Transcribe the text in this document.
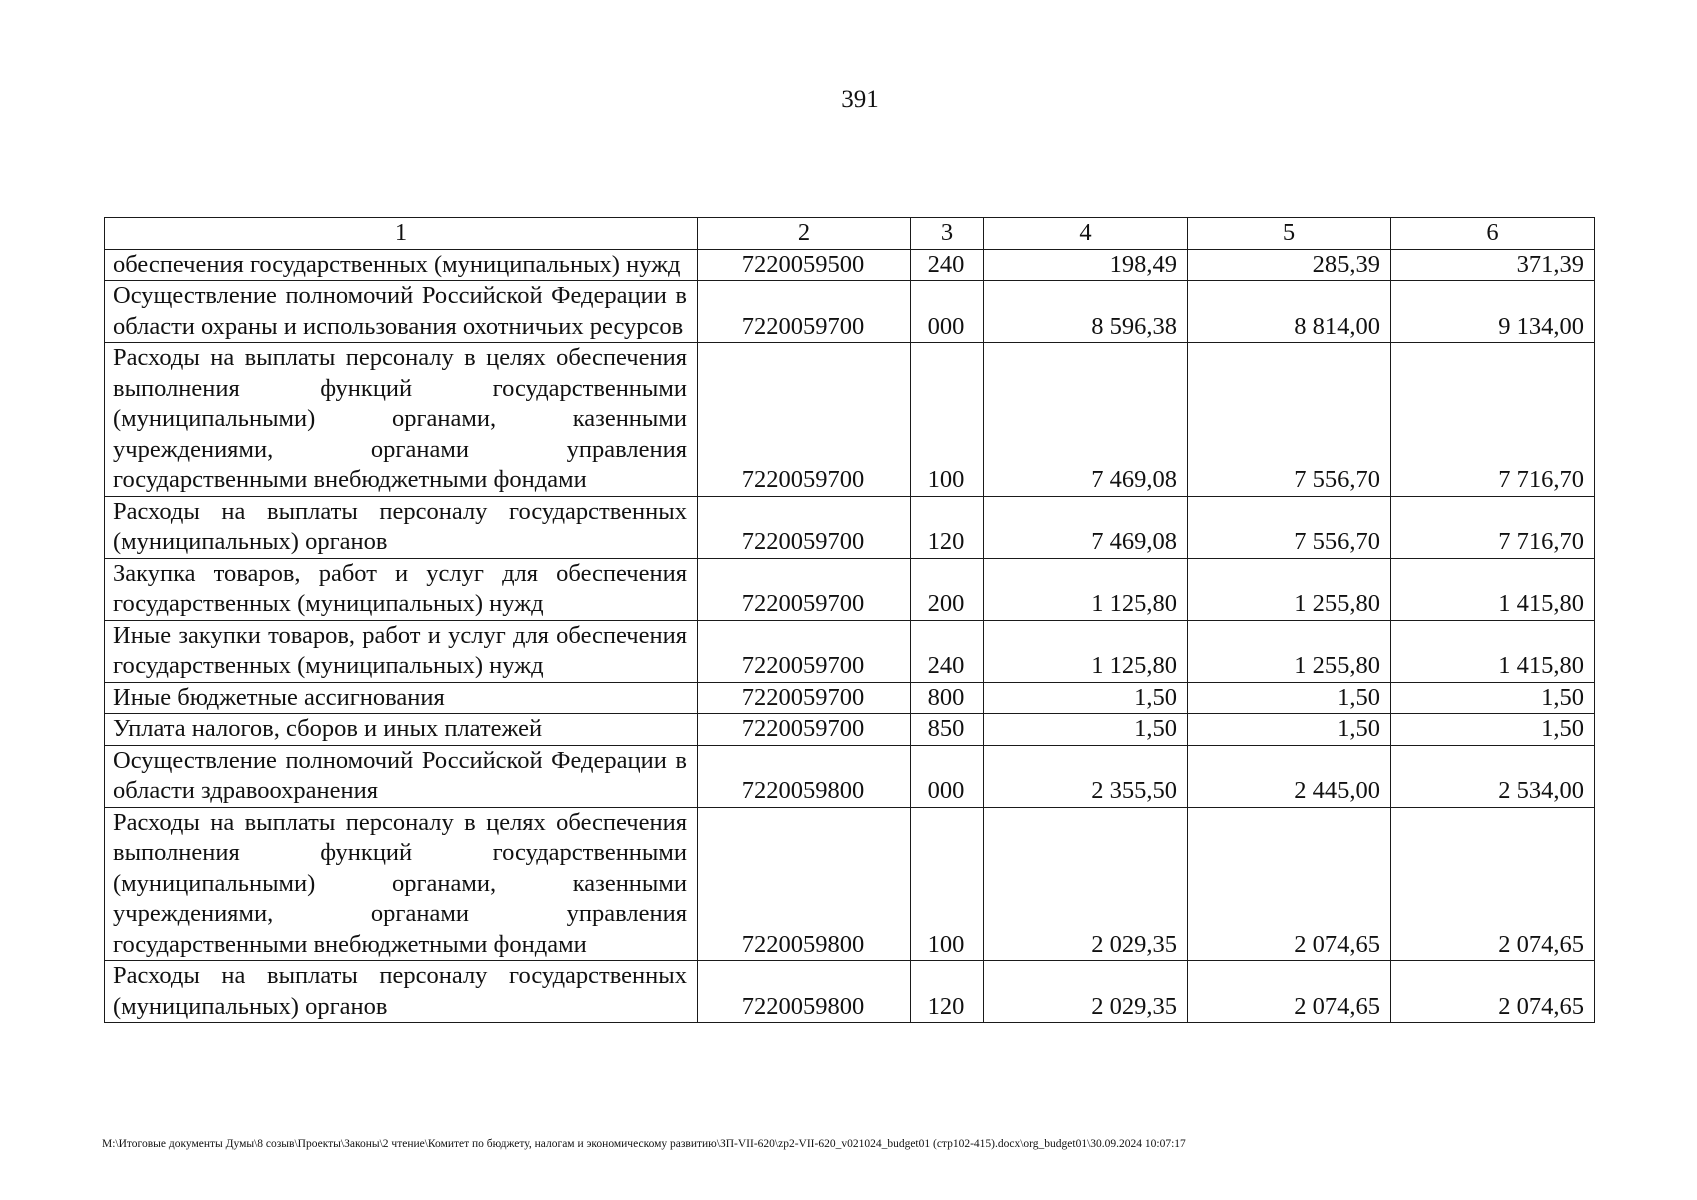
391
1	2	3	4	5	6
обеспечения государственных (муниципальных) нужд	7220059500	240	198,49	285,39	371,39
Осуществление полномочий Российской Федерации в области охраны и использования охотничьих ресурсов	7220059700	000	8 596,38	8 814,00	9 134,00
Расходы на выплаты персоналу в целях обеспечения выполнения функций государственными (муниципальными) органами, казенными учреждениями, органами управления государственными внебюджетными фондами	7220059700	100	7 469,08	7 556,70	7 716,70
Расходы на выплаты персоналу государственных (муниципальных) органов	7220059700	120	7 469,08	7 556,70	7 716,70
Закупка товаров, работ и услуг для обеспечения государственных (муниципальных) нужд	7220059700	200	1 125,80	1 255,80	1 415,80
Иные закупки товаров, работ и услуг для обеспечения государственных (муниципальных) нужд	7220059700	240	1 125,80	1 255,80	1 415,80
Иные бюджетные ассигнования	7220059700	800	1,50	1,50	1,50
Уплата налогов, сборов и иных платежей	7220059700	850	1,50	1,50	1,50
Осуществление полномочий Российской Федерации в области здравоохранения	7220059800	000	2 355,50	2 445,00	2 534,00
Расходы на выплаты персоналу в целях обеспечения выполнения функций государственными (муниципальными) органами, казенными учреждениями, органами управления государственными внебюджетными фондами	7220059800	100	2 029,35	2 074,65	2 074,65
Расходы на выплаты персоналу государственных (муниципальных) органов	7220059800	120	2 029,35	2 074,65	2 074,65
M:\Итоговые документы Думы\8 созыв\Проекты\Законы\2 чтение\Комитет по бюджету, налогам и экономическому развитию\ЗП-VII-620\zp2-VII-620_v021024_budget01 (стр102-415).docx\org_budget01\30.09.2024 10:07:17
